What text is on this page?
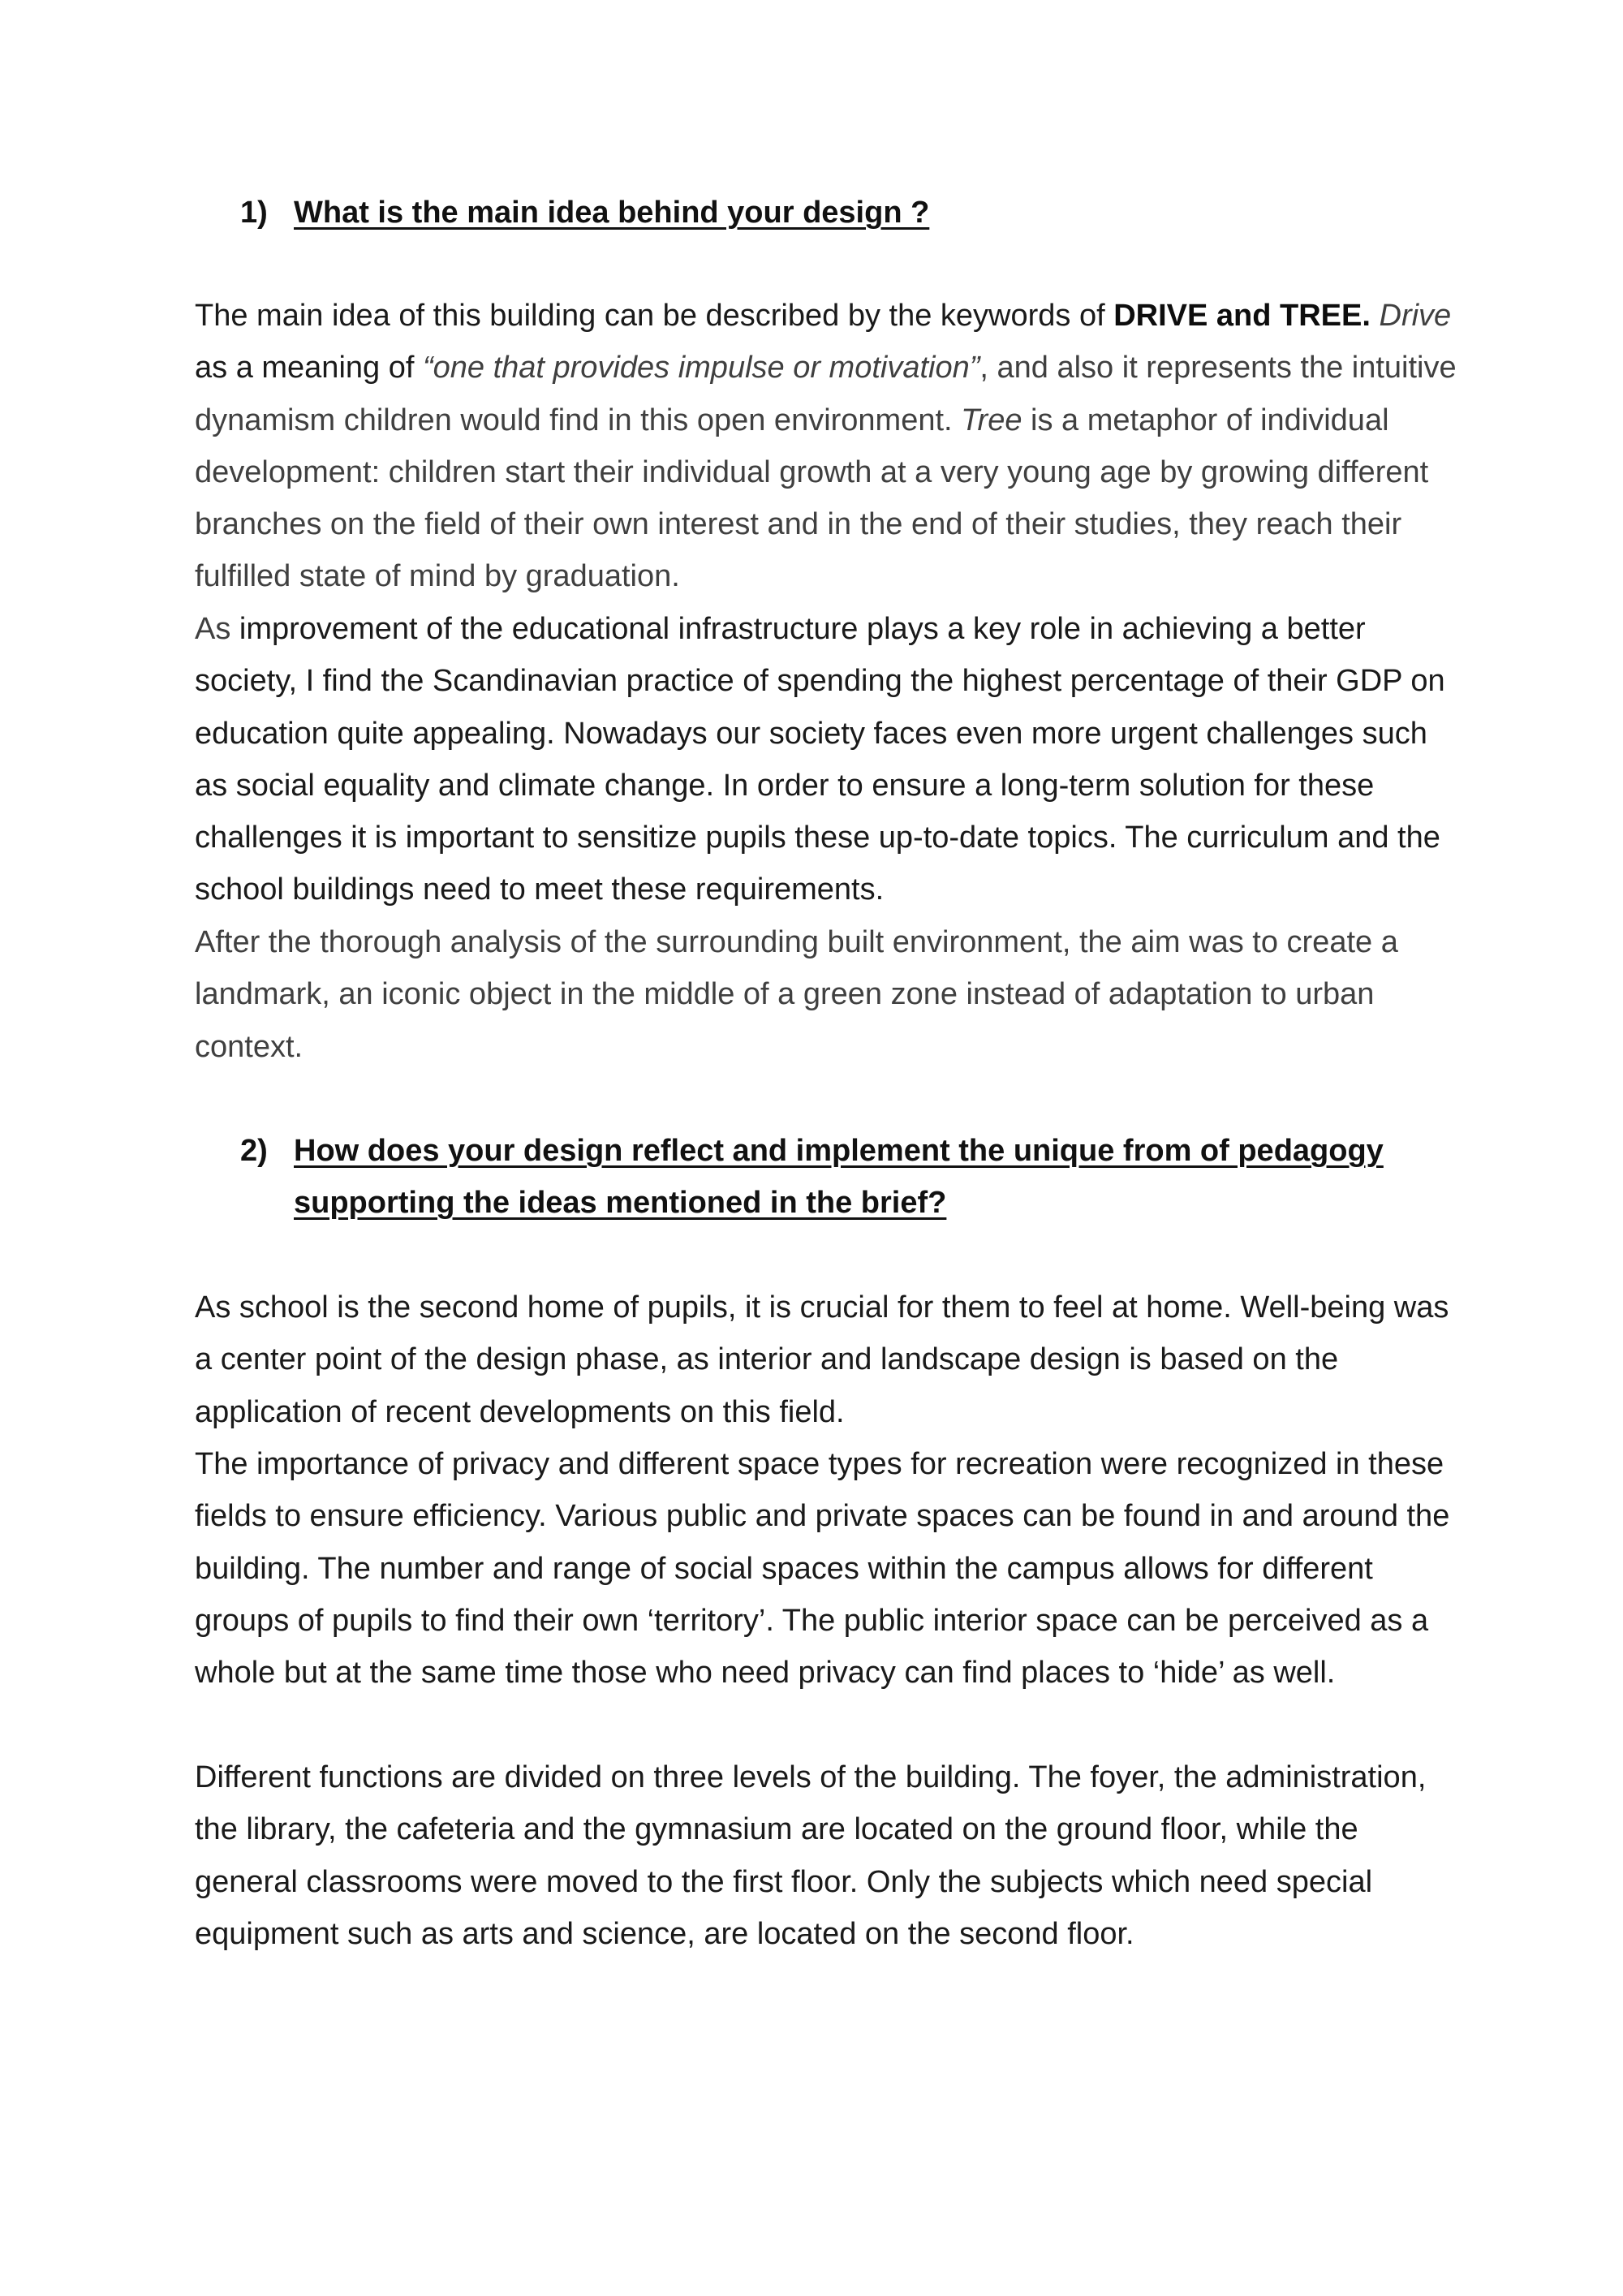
1) What is the main idea behind your design ?

The main idea of this building can be described by the keywords of DRIVE and TREE. Drive as a meaning of “one that provides impulse or motivation”, and also it represents the intuitive dynamism children would find in this open environment. Tree is a metaphor of individual development: children start their individual growth at a very young age by growing different branches on the field of their own interest and in the end of their studies, they reach their fulfilled state of mind by graduation.

As improvement of the educational infrastructure plays a key role in achieving a better society, I find the Scandinavian practice of spending the highest percentage of their GDP on education quite appealing. Nowadays our society faces even more urgent challenges such as social equality and climate change. In order to ensure a long-term solution for these challenges it is important to sensitize pupils these up-to-date topics. The curriculum and the school buildings need to meet these requirements.

After the thorough analysis of the surrounding built environment, the aim was to create a landmark, an iconic object in the middle of a green zone instead of adaptation to urban context.

2) How does your design reflect and implement the unique from of pedagogy supporting the ideas mentioned in the brief?

As school is the second home of pupils, it is crucial for them to feel at home. Well-being was a center point of the design phase, as interior and landscape design is based on the application of recent developments on this field.

The importance of privacy and different space types for recreation were recognized in these fields to ensure efficiency. Various public and private spaces can be found in and around the building. The number and range of social spaces within the campus allows for different groups of pupils to find their own ‘territory’. The public interior space can be perceived as a whole but at the same time those who need privacy can find places to ‘hide’ as well.

Different functions are divided on three levels of the building. The foyer, the administration, the library, the cafeteria and the gymnasium are located on the ground floor, while the general classrooms were moved to the first floor. Only the subjects which need special equipment such as arts and science, are located on the second floor.
